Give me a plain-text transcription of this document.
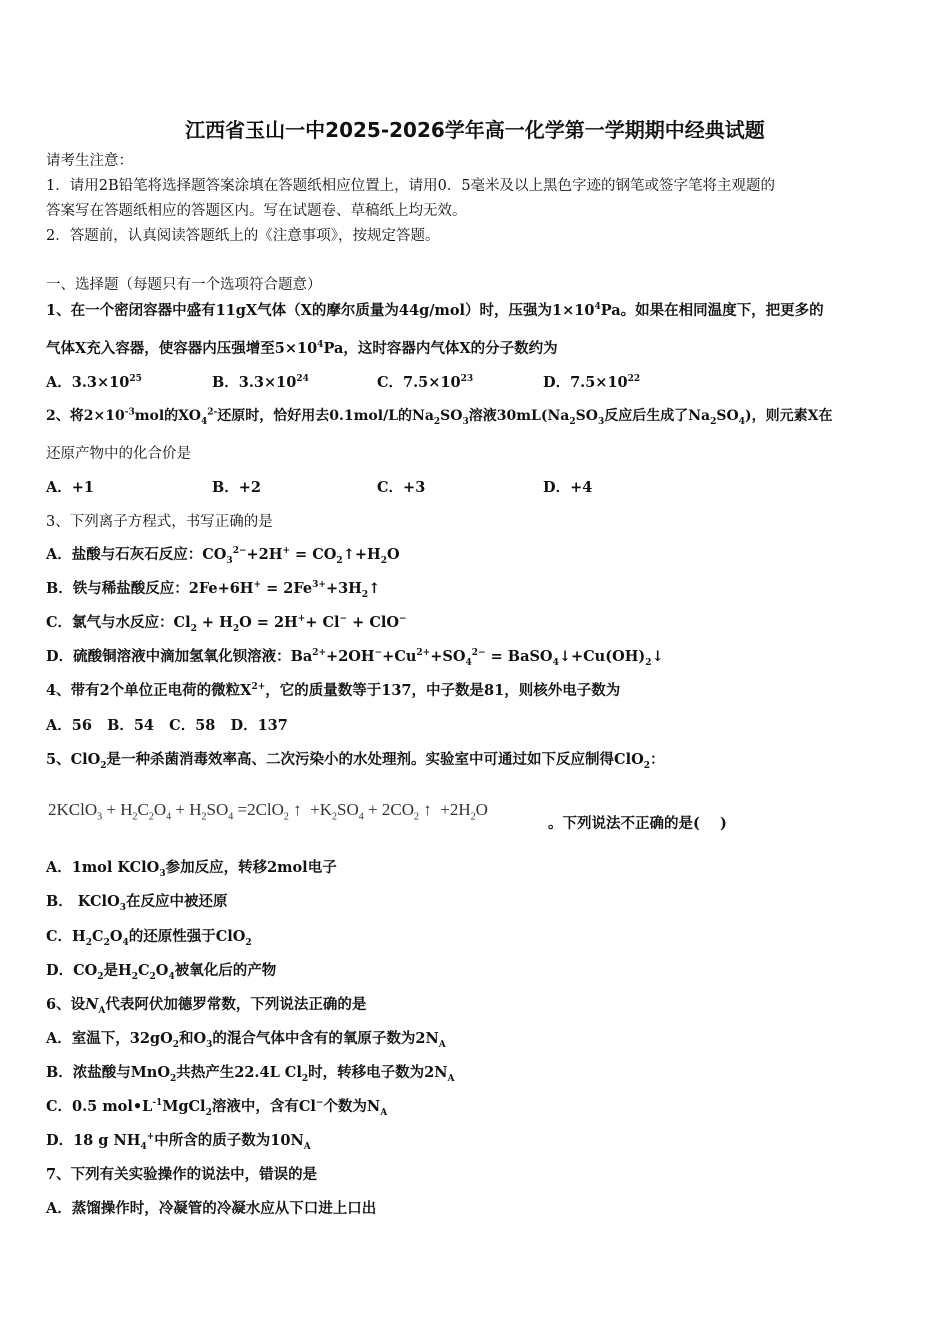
江西省玉山一中2025-2026学年高一化学第一学期期中经典试题
请考生注意：
1．请用2B铅笔将选择题答案涂填在答题纸相应位置上，请用0．5毫米及以上黑色字迹的钢笔或签字笔将主观题的
答案写在答题纸相应的答题区内。写在试题卷、草稿纸上均无效。
2．答题前，认真阅读答题纸上的《注意事项》，按规定答题。
一、选择题（每题只有一个选项符合题意）
1、在一个密闭容器中盛有11gX气体（X的摩尔质量为44g/mol）时，压强为$1\times 10^4Pa$。如果在相同温度下，把更多的
气体X充入容器，使容器内压强增至$5\times 10^4Pa$，这时容器内气体X的分子数约为
A．$3.3\times 10^{25}$	B．$3.3\times 10^{24}$	C．$7.5\times 10^{23}$	D．$7.5\times 10^{22}$
2、将$2\times 10^{-3}mol$的$XO_4^{2-}$还原时，恰好用去0.1mol/L的$Na_2SO_3$溶液$30mL(Na_2SO_3$反应后生成了$Na_2SO_4$)，则元素X在
还原产物中的化合价是
A．+1	B．+2	C．+3	D．+4
3、下列离子方程式，书写正确的是
A．盐酸与石灰石反应：$CO_3^{2-}+2H^+$ = $CO_2↑+H_2O$
B．铁与稀盐酸反应：$2Fe+6H^+ = 2Fe^{3+}+3H_2↑$
C．氯气与水反应：$Cl_2 + H_2O = 2H^++ Cl^- + ClO^-$
D．硫酸铜溶液中滴加氢氧化钡溶液：$Ba^{2+}+2OH^-+Cu^{2+}+SO_4^{2-}$ = $BaSO_4↓+Cu(OH)_2↓$
4、带有2个单位正电荷的微粒$X^{2+}$，它的质量数等于137，中子数是81，则核外电子数为
A．56   B．54   C．58   D．137
5、ClO$_2$是一种杀菌消毒效率高、二次污染小的水处理剂。实验室中可通过如下反应制得ClO$_2$：
2KClO$_3$ + $H_2C_2O_4 + H_2SO_4 =2ClO_2$ ↑  $+K_2SO_4 + 2CO_2$ ↑  $+2H_2O$
。下列说法不正确的是(    )
A．1mol KClO$_3$参加反应，转移2mol电子
B． KClO$_3$在反应中被还原
C．$H_2C_2O_4$的还原性强于ClO$_2$
D．$CO_2$是$H_2C_2O_4$被氧化后的产物
6、设$N_A$代表阿伏加德罗常数，下列说法正确的是
A．室温下，$32gO_2$和$O_3$的混合气体中含有的氧原子数为$2N_A$
B．浓盐酸与MnO$_2$共热产生22.4L $Cl_2$时，转移电子数为$2N_A$
C．0.5 $mol•L^{-1}MgCl_2$溶液中，含有Cl−个数为$N_A$
D．18 g $NH_4^+$中所含的质子数为$10N_A$
7、下列有关实验操作的说法中，错误的是
A．蒸馏操作时，冷凝管的冷凝水应从下口进上口出
